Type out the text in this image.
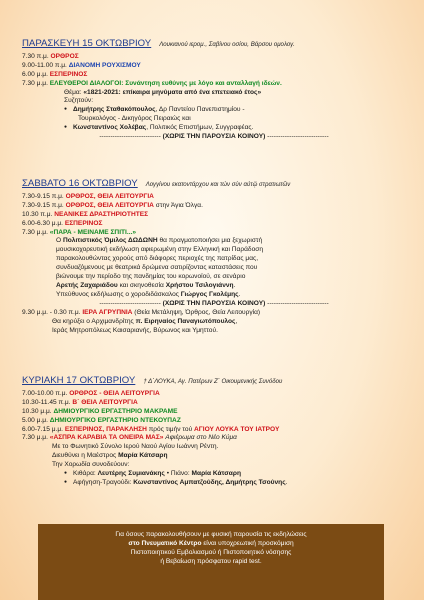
ΠΑΡΑΣΚΕΥΗ 15 ΟΚΤΩΒΡΙΟΥ Λουκιανού ιερομ., Σαβίνου οσίου, Βάρσου ομολογ.
7.30 π.μ. ΟΡΘΡΟΣ
9.00-11.00 π.μ. ΔΙΑΝΟΜΗ ΡΟΥΧΙΣΜΟΥ
6.00 μ.μ. ΕΣΠΕΡΙΝΟΣ
7.30 μ.μ. ΕΛΕΥΘΕΡΟΙ ΔΙΑΛΟΓΟΙ: Συνάντηση ευθύνης με λόγο και ανταλλαγή ιδεών.
Θέμα: «1821-2021: επίκαιρα μηνύματα από ένα επετειακό έτος»
Συζητούν:
● Δημήτρης Σταθακόπουλος, Δρ Παντείου Πανεπιστημίου -
Τουρκολόγος - Δικηγόρος Πειραιώς και
● Κωνσταντίνος Χολέβας, Πολιτικός Επιστήμων, Συγγραφέας.
---------------------------- (ΧΩΡΙΣ ΤΗΝ ΠΑΡΟΥΣΙΑ ΚΟΙΝΟΥ) ----------------------------
ΣΑΒΒΑΤΟ 16 ΟΚΤΩΒΡΙΟΥ Λογγίνου εκατοντάρχου και τών σὺν αὐτῷ στρατιωτῶν
7.30-9.15 π.μ. ΟΡΘΡΟΣ, ΘΕΙΑ ΛΕΙΤΟΥΡΓΙΑ
7.30-9.15 π.μ. ΟΡΘΡΟΣ, ΘΕΙΑ ΛΕΙΤΟΥΡΓΙΑ στην Άγια Όλγα.
10.30 π.μ. ΝΕΑΝΙΚΕΣ ΔΡΑΣΤΗΡΙΟΤΗΤΕΣ
6.00-6.30 μ.μ. ΕΣΠΕΡΙΝΟΣ
7.30 μ.μ. «ΠΑΡΑ - ΜΕΙΝΑΜΕ ΣΠΙΤΙ...»
Ο Πολιτιστικός Όμιλος ΔΩΔΩΝΗ θα πραγματοποιήσει μια ξεχωριστή
μουσικοχορευτική εκδήλωση αφιερωμένη στην Ελληνική και Παράδοση
παρακολουθώντας χορούς από διάφορες περιοχές της πατρίδας μας,
συνδυαζόμενους με θεατρικά δρώμενα σατιρίζοντας καταστάσεις που
βιώνουμε την περίοδο της πανδημίας του κορωνοϊού, σε σενάριο
Αρετής Ζαχαριάδου και σκηνοθεσία Χρήστου Τσιλογιάννη.
Υπεύθυνος εκδήλωσης ο χοροδιδάσκαλος Γιώργος Γκολέμης.
---------------------------- (ΧΩΡΙΣ ΤΗΝ ΠΑΡΟΥΣΙΑ ΚΟΙΝΟΥ) ----------------------------
9.30 μ.μ. - 0.30 π.μ. ΙΕΡΑ ΑΓΡΥΠΝΙΑ (Θεία Μετάληψη, Όρθρος, Θεία Λειτουργία)
Θα κηρύξει ο Αρχιμανδρίτης π. Ειρηναίος Παναγιωτόπουλος,
Ιεράς Μητροπόλεως Καισαριανής, Βύρωνος και Υμηττού.
ΚΥΡΙΑΚΗ 17 ΟΚΤΩΒΡΙΟΥ † Δ΄ΛΟΥΚΑ, Αγ. Πατέρων Ζ΄ Οικουμενικής Συνόδου
7.00-10.00 π.μ. ΟΡΘΡΟΣ - ΘΕΙΑ ΛΕΙΤΟΥΡΓΙΑ
10.30-11.45 π.μ. Β΄ ΘΕΙΑ ΛΕΙΤΟΥΡΓΙΑ
10.30 μ.μ. ΔΗΜΙΟΥΡΓΙΚΟ ΕΡΓΑΣΤΗΡΙΟ ΜΑΚΡΑΜΕ
5.00 μ.μ. ΔΗΜΙΟΥΡΓΙΚΟ ΕΡΓΑΣΤΗΡΙΟ ΝΤΕΚΟΥΠΑΖ
6.00-7.15 μ.μ. ΕΣΠΕΡΙΝΟΣ, ΠΑΡΑΚΛΗΣΗ πρός τιμήν τού ΑΓΙΟΥ ΛΟΥΚΑ ΤΟΥ ΙΑΤΡΟΥ
7.30 μ.μ. «ΑΣΠΡΑ ΚΑΡΑΒΙΑ ΤΑ ΟΝΕΙΡΑ ΜΑΣ» Αφιέρωμα στο Νέο Κύμα
Με το Φωνητικό Σύνολο Ιερού Ναού Αγίου Ιωάννη Ρέντη.
Διευθύνει η Μαέστρος Μαρία Κάτσαρη
Την Χορωδία συνοδεύουν:
● Κιθάρα: Λευτέρης Συμιανάκης • Πιάνο: Μαρία Κάτσαρη
● Αφήγηση-Τραγούδι: Κωνσταντίνος Αμπατζούδης, Δημήτρης Τσούνης.
Για όσους παρακολουθήσουν με φυσική παρουσία τις εκδηλώσεις
στο Πνευματικό Κέντρο είναι υποχρεωτική προσκόμιση
Πιστοποιητικού Εμβολιασμού ή Πιστοποιητικό νόσησης
ή Βεβαίωση πρόσφατου rapid test.
